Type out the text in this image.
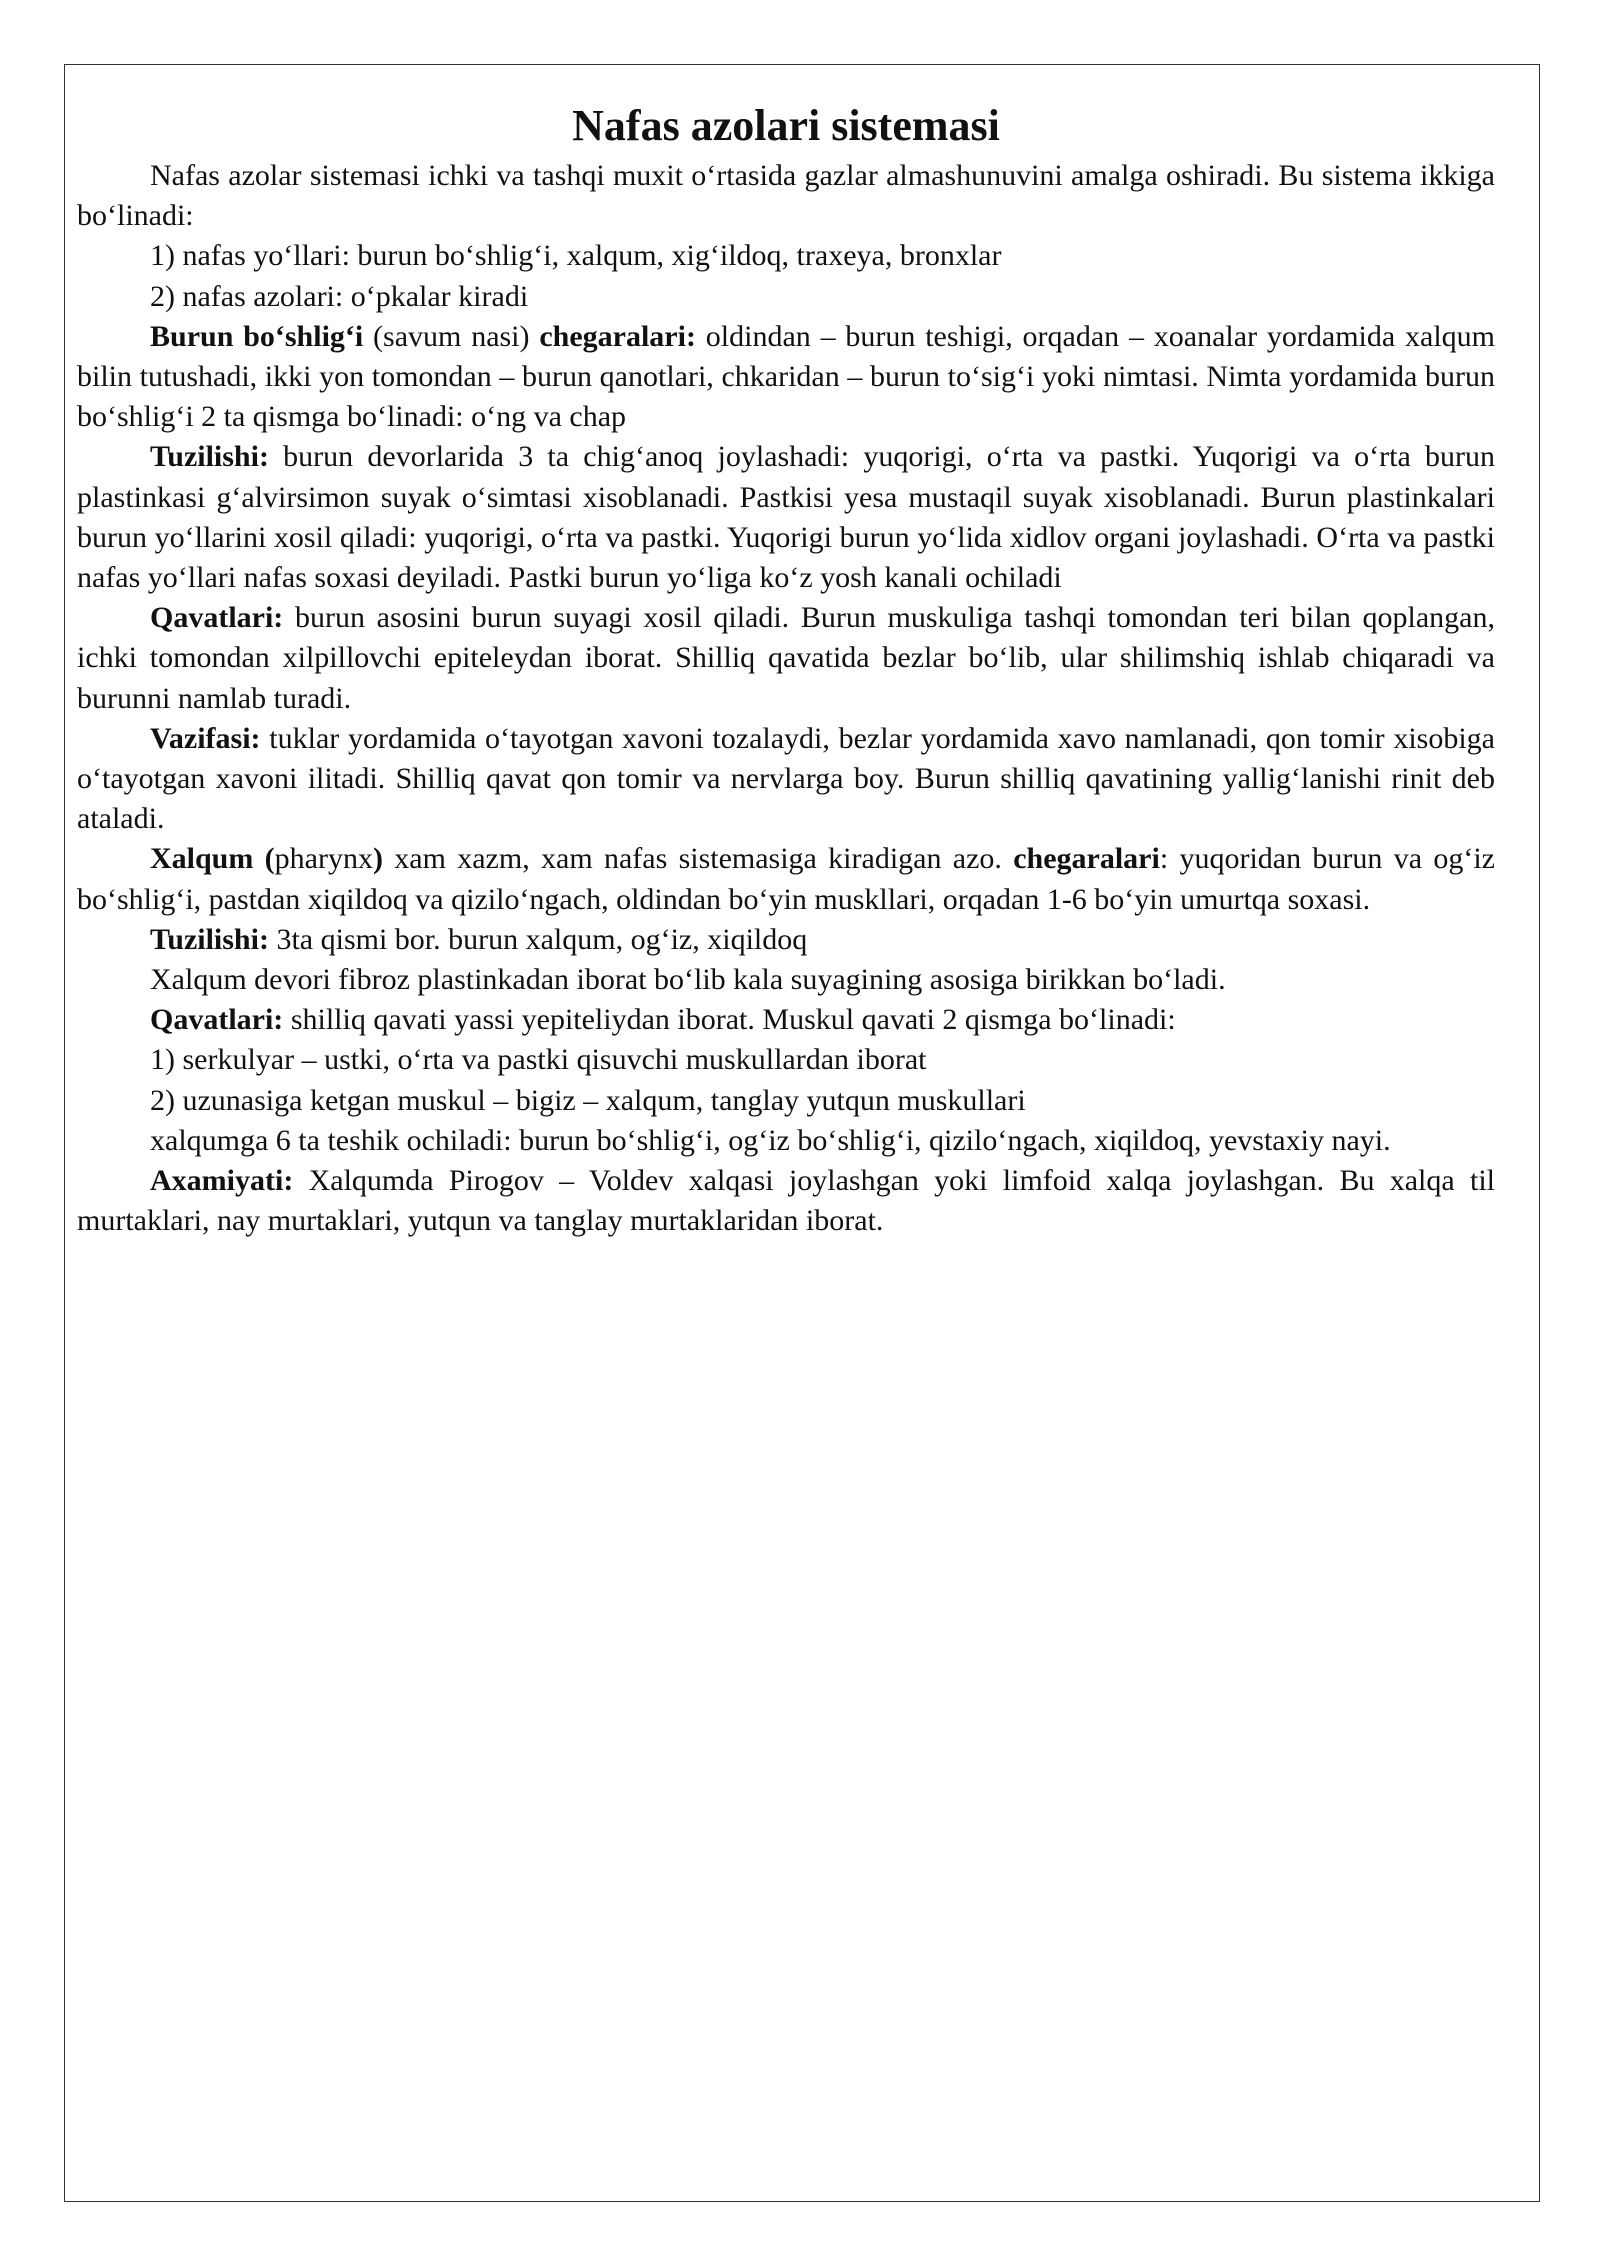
Nafas azolari sistemasi

Nafas azolar sistemasi ichki va tashqi muxit o‘rtasida gazlar almashunuvini amalga oshiradi. Bu sistema ikkiga bo‘linadi:

1) nafas yo‘llari: burun bo‘shlig‘i, xalqum, xig‘ildoq, traxeya, bronxlar

2) nafas azolari: o‘pkalar kiradi

Burun bo‘shlig‘i (savum nasi) chegaralari: oldindan – burun teshigi, orqadan – xoanalar yordamida xalqum bilin tutushadi, ikki yon tomondan – burun qanotlari, chkaridan – burun to‘sig‘i yoki nimtasi. Nimta yordamida burun bo‘shlig‘i 2 ta qismga bo‘linadi: o‘ng va chap

Tuzilishi: burun devorlarida 3 ta chig‘anoq joylashadi: yuqorigi, o‘rta va pastki. Yuqorigi va o‘rta burun plastinkasi g‘alvirsimon suyak o‘simtasi xisoblanadi. Pastkisi yesa mustaqil suyak xisoblanadi. Burun plastinkalari burun yo‘llarini xosil qiladi: yuqorigi, o‘rta va pastki. Yuqorigi burun yo‘lida xidlov organi joylashadi. O‘rta va pastki nafas yo‘llari nafas soxasi deyiladi. Pastki burun yo‘liga ko‘z yosh kanali ochiladi

Qavatlari: burun asosini burun suyagi xosil qiladi. Burun muskuliga tashqi tomondan teri bilan qoplangan, ichki tomondan xilpillovchi epiteleydan iborat. Shilliq qavatida bezlar bo‘lib, ular shilimshiq ishlab chiqaradi va burunni namlab turadi.

Vazifasi: tuklar yordamida o‘tayotgan xavoni tozalaydi, bezlar yordamida xavo namlanadi, qon tomir xisobiga o‘tayotgan xavoni ilitadi. Shilliq qavat qon tomir va nervlarga boy. Burun shilliq qavatining yallig‘lanishi rinit deb ataladi.

Xalqum (pharynx) xam xazm, xam nafas sistemasiga kiradigan azo. chegaralari: yuqoridan burun va og‘iz bo‘shlig‘i, pastdan xiqildoq va qizilo‘ngach, oldindan bo‘yin muskllari, orqadan 1-6 bo‘yin umurtqa soxasi.

Tuzilishi: 3ta qismi bor. burun xalqum, og‘iz, xiqildoq

Xalqum devori fibroz plastinkadan iborat bo‘lib kala suyagining asosiga birikkan bo‘ladi.

Qavatlari: shilliq qavati yassi yepiteliydan iborat. Muskul qavati 2 qismga bo‘linadi:

1) serkulyar – ustki, o‘rta va pastki qisuvchi muskullardan iborat

2) uzunasiga ketgan muskul – bigiz – xalqum, tanglay yutqun muskullari

xalqumga 6 ta teshik ochiladi: burun bo‘shlig‘i, og‘iz bo‘shlig‘i, qizilo‘ngach, xiqildoq, yevstaxiy nayi.

Axamiyati: Xalqumda Pirogov – Voldev xalqasi joylashgan yoki limfoid xalqa joylashgan. Bu xalqa til murtaklari, nay murtaklari, yutqun va tanglay murtaklaridan iborat.
